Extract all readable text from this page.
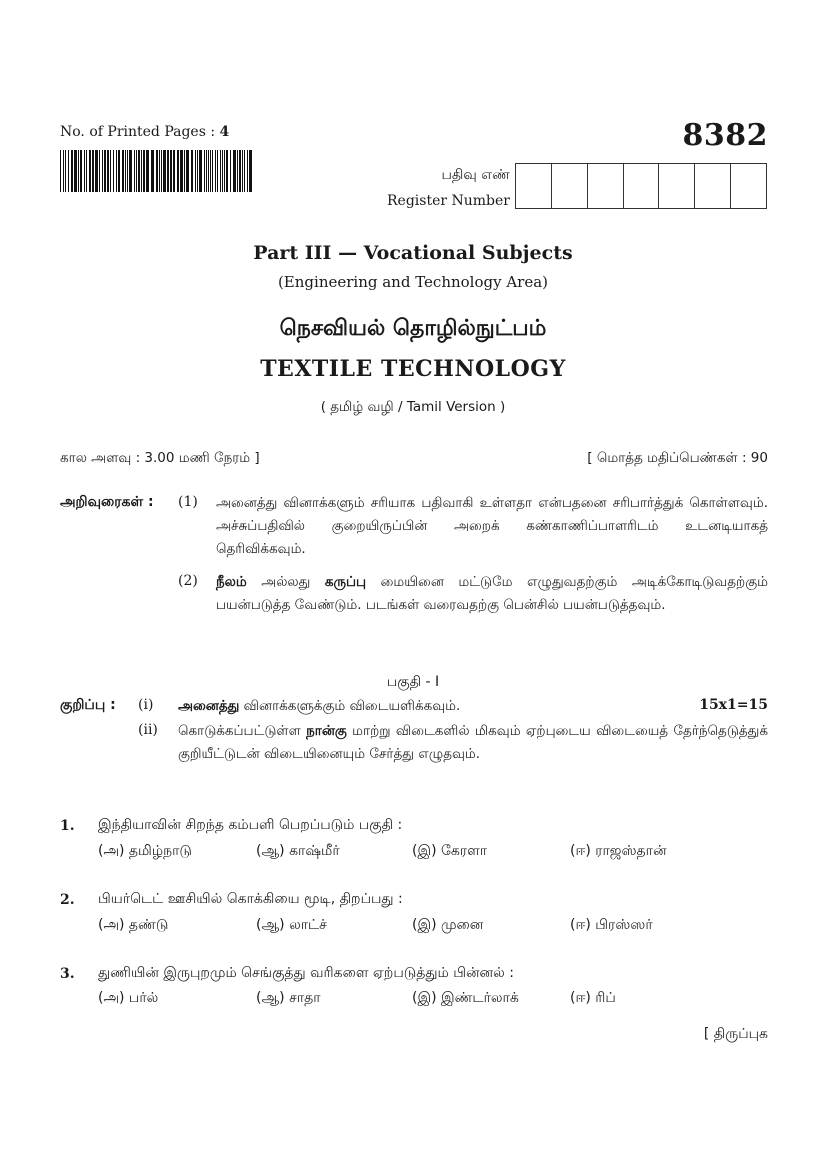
No. of Printed Pages : 4	8382
பதிவு எண்
Register Number
Part III — Vocational Subjects
(Engineering and Technology Area)
நெசவியல் தொழில்நுட்பம்
TEXTILE TECHNOLOGY
( தமிழ் வழி / Tamil Version )
கால அளவு : 3.00 மணி நேரம் ]	[ மொத்த மதிப்பெண்கள் : 90
அறிவுரைகள் : (1) அனைத்து வினாக்களும் சரியாக பதிவாகி உள்ளதா என்பதனை சரிபார்த்துக் கொள்ளவும். அச்சுப்பதிவில் குறையிருப்பின் அறைக் கண்காணிப்பாளரிடம் உடனடியாகத் தெரிவிக்கவும்.
(2) நீலம் அல்லது கருப்பு மையினை மட்டுமே எழுதுவதற்கும் அடிக்கோடிடுவதற்கும் பயன்படுத்த வேண்டும். படங்கள் வரைவதற்கு பென்சில் பயன்படுத்தவும்.
பகுதி - I
குறிப்பு : (i) அனைத்து வினாக்களுக்கும் விடையளிக்கவும்.	15x1=15
(ii) கொடுக்கப்பட்டுள்ள நான்கு மாற்று விடைகளில் மிகவும் ஏற்புடைய விடையைத் தேர்ந்தெடுத்துக் குறியீட்டுடன் விடையினையும் சேர்த்து எழுதவும்.
1. இந்தியாவின் சிறந்த கம்பளி பெறப்படும் பகுதி :
(அ) தமிழ்நாடு	(ஆ) காஷ்மீர்	(இ) கேரளா	(ஈ) ராஜஸ்தான்
2. பியர்டெட் ஊசியில் கொக்கியை மூடி, திறப்பது :
(அ) தண்டு	(ஆ) லாட்ச்	(இ) முனை	(ஈ) பிரஸ்ஸர்
3. துணியின் இருபுறமும் செங்குத்து வரிகளை ஏற்படுத்தும் பின்னல் :
(அ) பர்ல்	(ஆ) சாதா	(இ) இண்டர்லாக்	(ஈ) ரிப்
[ திருப்புக
